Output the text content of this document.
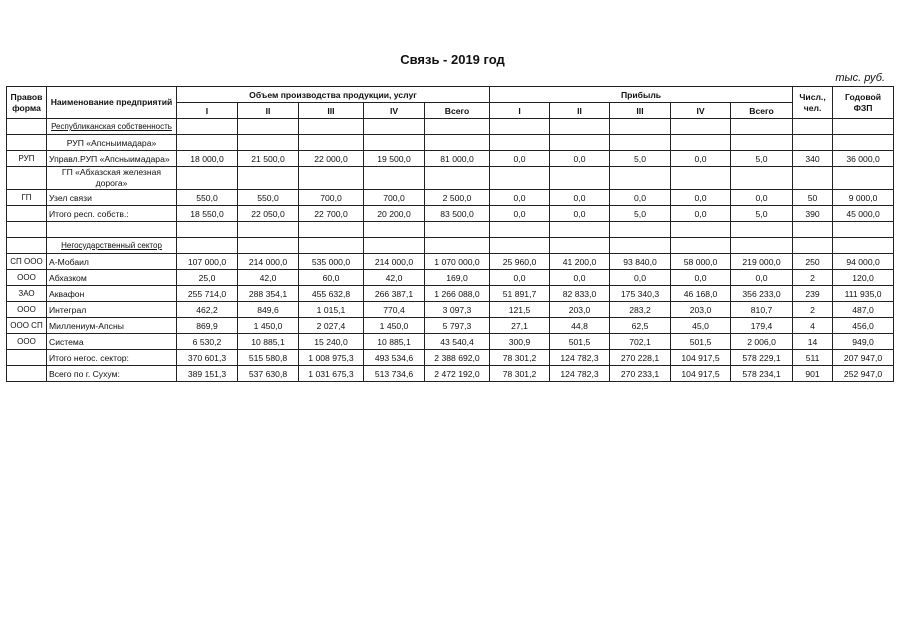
Связь - 2019 год
тыс. руб.
Правов форма	Наименование предприятий	Объем производства продукции, услуг					Прибыль					Числ., чел.	Годовой ФЗП
		I	II	III	IV	Всего	I	II	III	IV	Всего		
	Республиканская собственность												
	РУП «Апсныимадара»												
РУП	Управл.РУП «Апсныимадара»	18 000,0	21 500,0	22 000,0	19 500,0	81 000,0	0,0	0,0	5,0	0,0	5,0	340	36 000,0
	ГП «Абхазская железная дорога»												
ГП	Узел связи	550,0	550,0	700,0	700,0	2 500,0	0,0	0,0	0,0	0,0	0,0	50	9 000,0
	Итого респ. собств.:	18 550,0	22 050,0	22 700,0	20 200,0	83 500,0	0,0	0,0	5,0	0,0	5,0	390	45 000,0

	Негосударственный сектор												
СП ООО	А-Мобаил	107 000,0	214 000,0	535 000,0	214 000,0	1 070 000,0	25 960,0	41 200,0	93 840,0	58 000,0	219 000,0	250	94 000,0
ООО	Абхазком	25,0	42,0	60,0	42,0	169,0	0,0	0,0	0,0	0,0	0,0	2	120,0
ЗАО	Аквафон	255 714,0	288 354,1	455 632,8	266 387,1	1 266 088,0	51 891,7	82 833,0	175 340,3	46 168,0	356 233,0	239	111 935,0
ООО	Интеграл	462,2	849,6	1 015,1	770,4	3 097,3	121,5	203,0	283,2	203,0	810,7	2	487,0
ООО СП	Миллениум-Апсны	869,9	1 450,0	2 027,4	1 450,0	5 797,3	27,1	44,8	62,5	45,0	179,4	4	456,0
ООО	Система	6 530,2	10 885,1	15 240,0	10 885,1	43 540,4	300,9	501,5	702,1	501,5	2 006,0	14	949,0
	Итого негос. сектор:	370 601,3	515 580,8	1 008 975,3	493 534,6	2 388 692,0	78 301,2	124 782,3	270 228,1	104 917,5	578 229,1	511	207 947,0
	Всего по г. Сухум:	389 151,3	537 630,8	1 031 675,3	513 734,6	2 472 192,0	78 301,2	124 782,3	270 233,1	104 917,5	578 234,1	901	252 947,0
